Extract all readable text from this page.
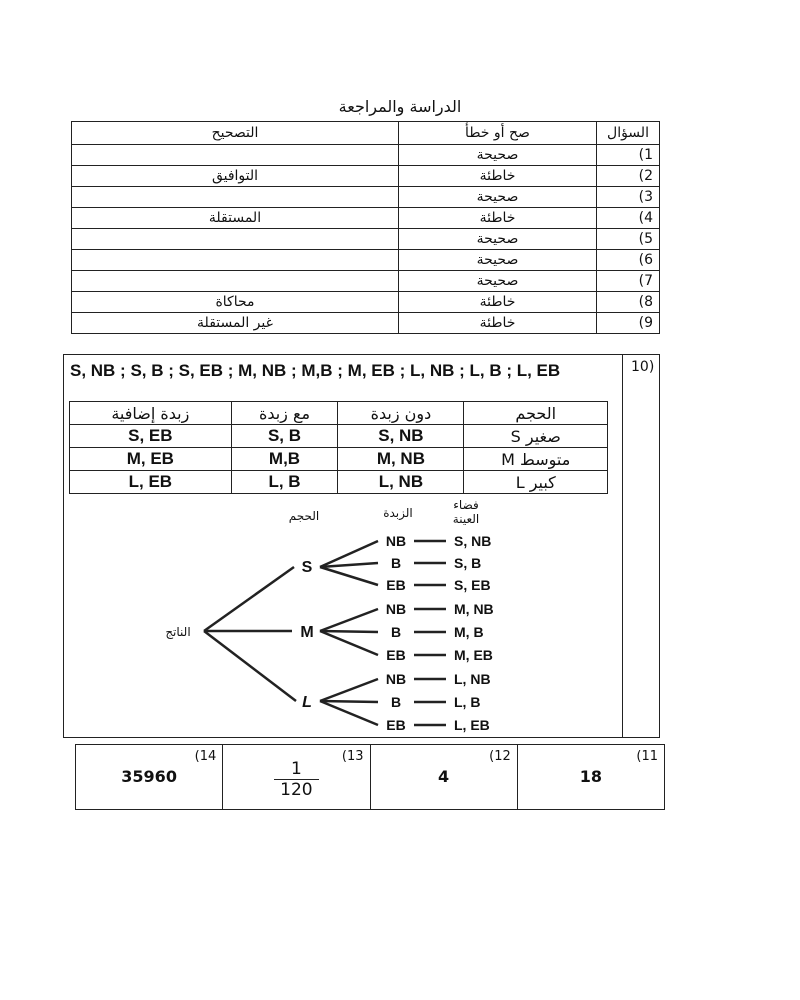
الدراسة والمراجعة
السؤال	صح أو خطأ	التصحيح
1)	صحيحة	
2)	خاطئة	التوافيق
3)	صحيحة	
4)	خاطئة	المستقلة
5)	صحيحة	
6)	صحيحة	
7)	صحيحة	
8)	خاطئة	محاكاة
9)	خاطئة	غير المستقلة
10)
S, NB ; S, B ; S, EB ; M, NB ; M,B ; M, EB ; L, NB ; L, B ; L, EB
الحجم	دون زبدة	مع زبدة	زبدة إضافية
صغير S	S, NB	S, B	S, EB
متوسط M	M, NB	M,B	M, EB
كبير L	L, NB	L, B	L, EB
الحجم	الزبدة
فضاء
العينة
الناتج
S
M
L
NB
B
EB
NB
B
EB
NB
B
EB
S, NB
S, B
S, EB
M, NB
M, B
M, EB
L, NB
L, B
L, EB
(11
18
(12
4
(13
$\frac{1}{120}$
(14
35960
